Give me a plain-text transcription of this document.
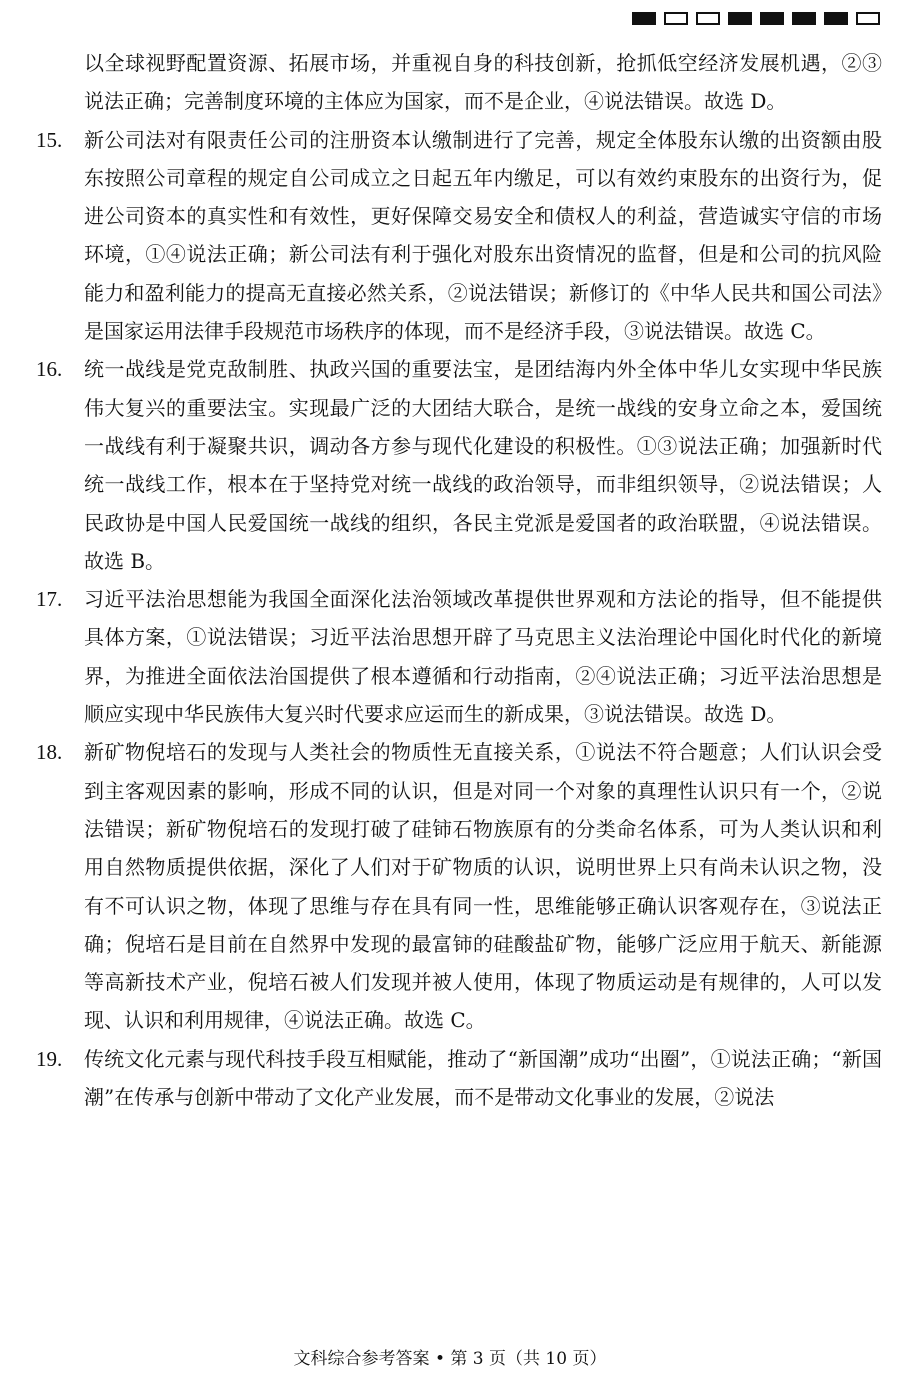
以全球视野配置资源、拓展市场，并重视自身的科技创新，抢抓低空经济发展机遇，②③说法正确；完善制度环境的主体应为国家，而不是企业，④说法错误。故选 D。

15. 新公司法对有限责任公司的注册资本认缴制进行了完善，规定全体股东认缴的出资额由股东按照公司章程的规定自公司成立之日起五年内缴足，可以有效约束股东的出资行为，促进公司资本的真实性和有效性，更好保障交易安全和债权人的利益，营造诚实守信的市场环境，①④说法正确；新公司法有利于强化对股东出资情况的监督，但是和公司的抗风险能力和盈利能力的提高无直接必然关系，②说法错误；新修订的《中华人民共和国公司法》是国家运用法律手段规范市场秩序的体现，而不是经济手段，③说法错误。故选 C。

16. 统一战线是党克敌制胜、执政兴国的重要法宝，是团结海内外全体中华儿女实现中华民族伟大复兴的重要法宝。实现最广泛的大团结大联合，是统一战线的安身立命之本，爱国统一战线有利于凝聚共识，调动各方参与现代化建设的积极性。①③说法正确；加强新时代统一战线工作，根本在于坚持党对统一战线的政治领导，而非组织领导，②说法错误；人民政协是中国人民爱国统一战线的组织，各民主党派是爱国者的政治联盟，④说法错误。故选 B。

17. 习近平法治思想能为我国全面深化法治领域改革提供世界观和方法论的指导，但不能提供具体方案，①说法错误；习近平法治思想开辟了马克思主义法治理论中国化时代化的新境界，为推进全面依法治国提供了根本遵循和行动指南，②④说法正确；习近平法治思想是顺应实现中华民族伟大复兴时代要求应运而生的新成果，③说法错误。故选 D。

18. 新矿物倪培石的发现与人类社会的物质性无直接关系，①说法不符合题意；人们认识会受到主客观因素的影响，形成不同的认识，但是对同一个对象的真理性认识只有一个，②说法错误；新矿物倪培石的发现打破了硅铈石物族原有的分类命名体系，可为人类认识和利用自然物质提供依据，深化了人们对于矿物质的认识，说明世界上只有尚未认识之物，没有不可认识之物，体现了思维与存在具有同一性，思维能够正确认识客观存在，③说法正确；倪培石是目前在自然界中发现的最富铈的硅酸盐矿物，能够广泛应用于航天、新能源等高新技术产业，倪培石被人们发现并被人使用，体现了物质运动是有规律的，人可以发现、认识和利用规律，④说法正确。故选 C。

19. 传统文化元素与现代科技手段互相赋能，推动了“新国潮”成功“出圈”，①说法正确；“新国潮”在传承与创新中带动了文化产业发展，而不是带动文化事业的发展，②说法

文科综合参考答案 • 第 3 页（共 10 页）
